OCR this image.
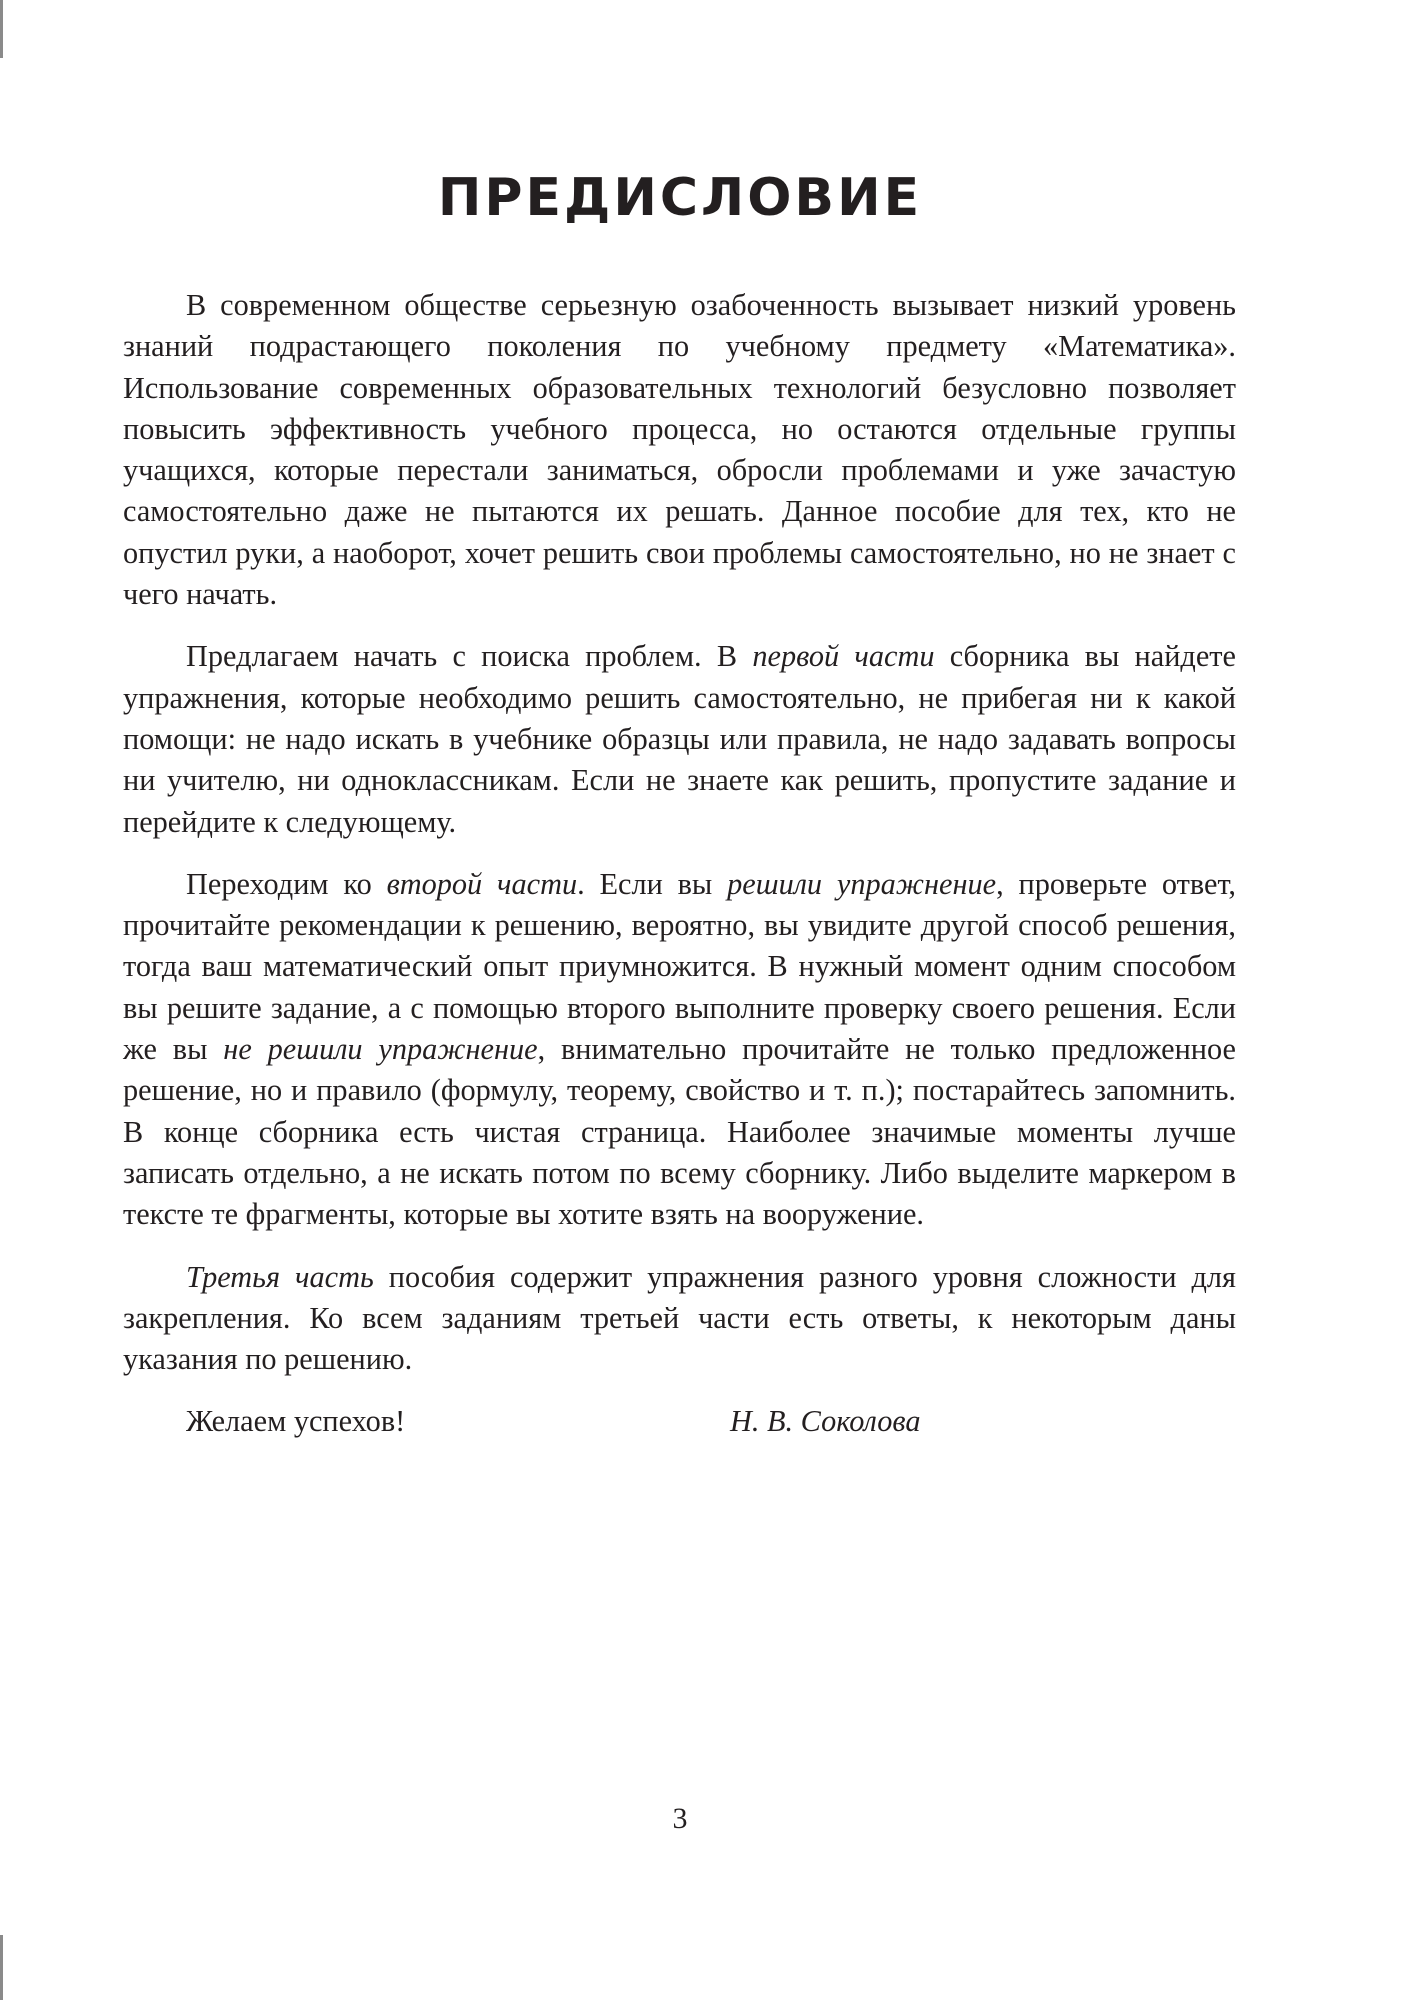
ПРЕДИСЛОВИЕ

В современном обществе серьезную озабоченность вызывает низкий уровень знаний подрастающего поколения по учебному предмету «Математика». Использование современных образовательных технологий безусловно позволяет повысить эффективность учебного процесса, но остаются отдельные группы учащихся, которые перестали заниматься, обросли проблемами и уже зачастую самостоятельно даже не пытаются их решать. Данное пособие для тех, кто не опустил руки, а наоборот, хочет решить свои проблемы самостоятельно, но не знает с чего начать.

Предлагаем начать с поиска проблем. В первой части сборника вы найдете упражнения, которые необходимо решить самостоятельно, не прибегая ни к какой помощи: не надо искать в учебнике образцы или правила, не надо задавать вопросы ни учителю, ни одноклассникам. Если не знаете как решить, пропустите задание и перейдите к следующему.

Переходим ко второй части. Если вы решили упражнение, проверьте ответ, прочитайте рекомендации к решению, вероятно, вы увидите другой способ решения, тогда ваш математический опыт приумножится. В нужный момент одним способом вы решите задание, а с помощью второго выполните проверку своего решения. Если же вы не решили упражнение, внимательно прочитайте не только предложенное решение, но и правило (формулу, теорему, свойство и т. п.); постарайтесь запомнить. В конце сборника есть чистая страница. Наиболее значимые моменты лучше записать отдельно, а не искать потом по всему сборнику. Либо выделите маркером в тексте те фрагменты, которые вы хотите взять на вооружение.

Третья часть пособия содержит упражнения разного уровня сложности для закрепления. Ко всем заданиям третьей части есть ответы, к некоторым даны указания по решению.

Желаем успехов!	Н. В. Соколова
3
